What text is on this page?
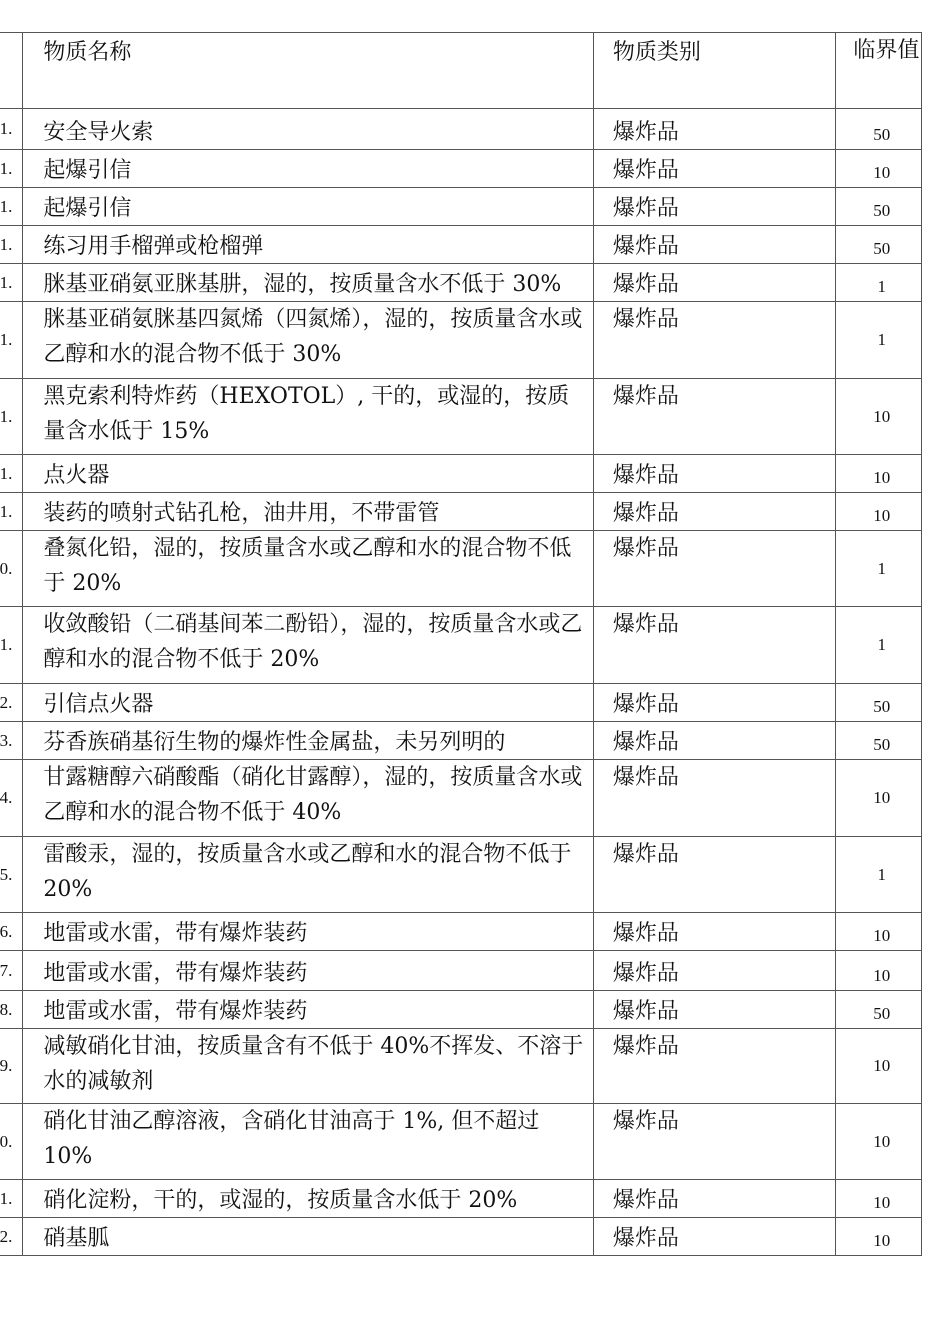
	物质名称	物质类别	临界值
1.	安全导火索	爆炸品	50
1.	起爆引信	爆炸品	10
1.	起爆引信	爆炸品	50
1.	练习用手榴弹或枪榴弹	爆炸品	50
1.	脒基亚硝氨亚脒基肼，湿的，按质量含水不低于 30%	爆炸品	1
1.	脒基亚硝氨脒基四氮烯（四氮烯），湿的，按质量含水或乙醇和水的混合物不低于 30%	爆炸品	1
1.	黑克索利特炸药（HEXOTOL）, 干的，或湿的，按质量含水低于 15%	爆炸品	10
1.	点火器	爆炸品	10
1.	装药的喷射式钻孔枪，油井用，不带雷管	爆炸品	10
0.	叠氮化铅，湿的，按质量含水或乙醇和水的混合物不低于 20%	爆炸品	1
1.	收敛酸铅（二硝基间苯二酚铅），湿的，按质量含水或乙醇和水的混合物不低于 20%	爆炸品	1
2.	引信点火器	爆炸品	50
3.	芬香族硝基衍生物的爆炸性金属盐，未另列明的	爆炸品	50
4.	甘露糖醇六硝酸酯（硝化甘露醇），湿的，按质量含水或乙醇和水的混合物不低于 40%	爆炸品	10
5.	雷酸汞，湿的，按质量含水或乙醇和水的混合物不低于 20%	爆炸品	1
6.	地雷或水雷，带有爆炸装药	爆炸品	10
7.	地雷或水雷，带有爆炸装药	爆炸品	10
8.	地雷或水雷，带有爆炸装药	爆炸品	50
9.	减敏硝化甘油，按质量含有不低于 40%不挥发、不溶于水的减敏剂	爆炸品	10
0.	硝化甘油乙醇溶液，含硝化甘油高于 1%, 但不超过 10%	爆炸品	10
1.	硝化淀粉，干的，或湿的，按质量含水低于 20%	爆炸品	10
2.	硝基胍	爆炸品	10
